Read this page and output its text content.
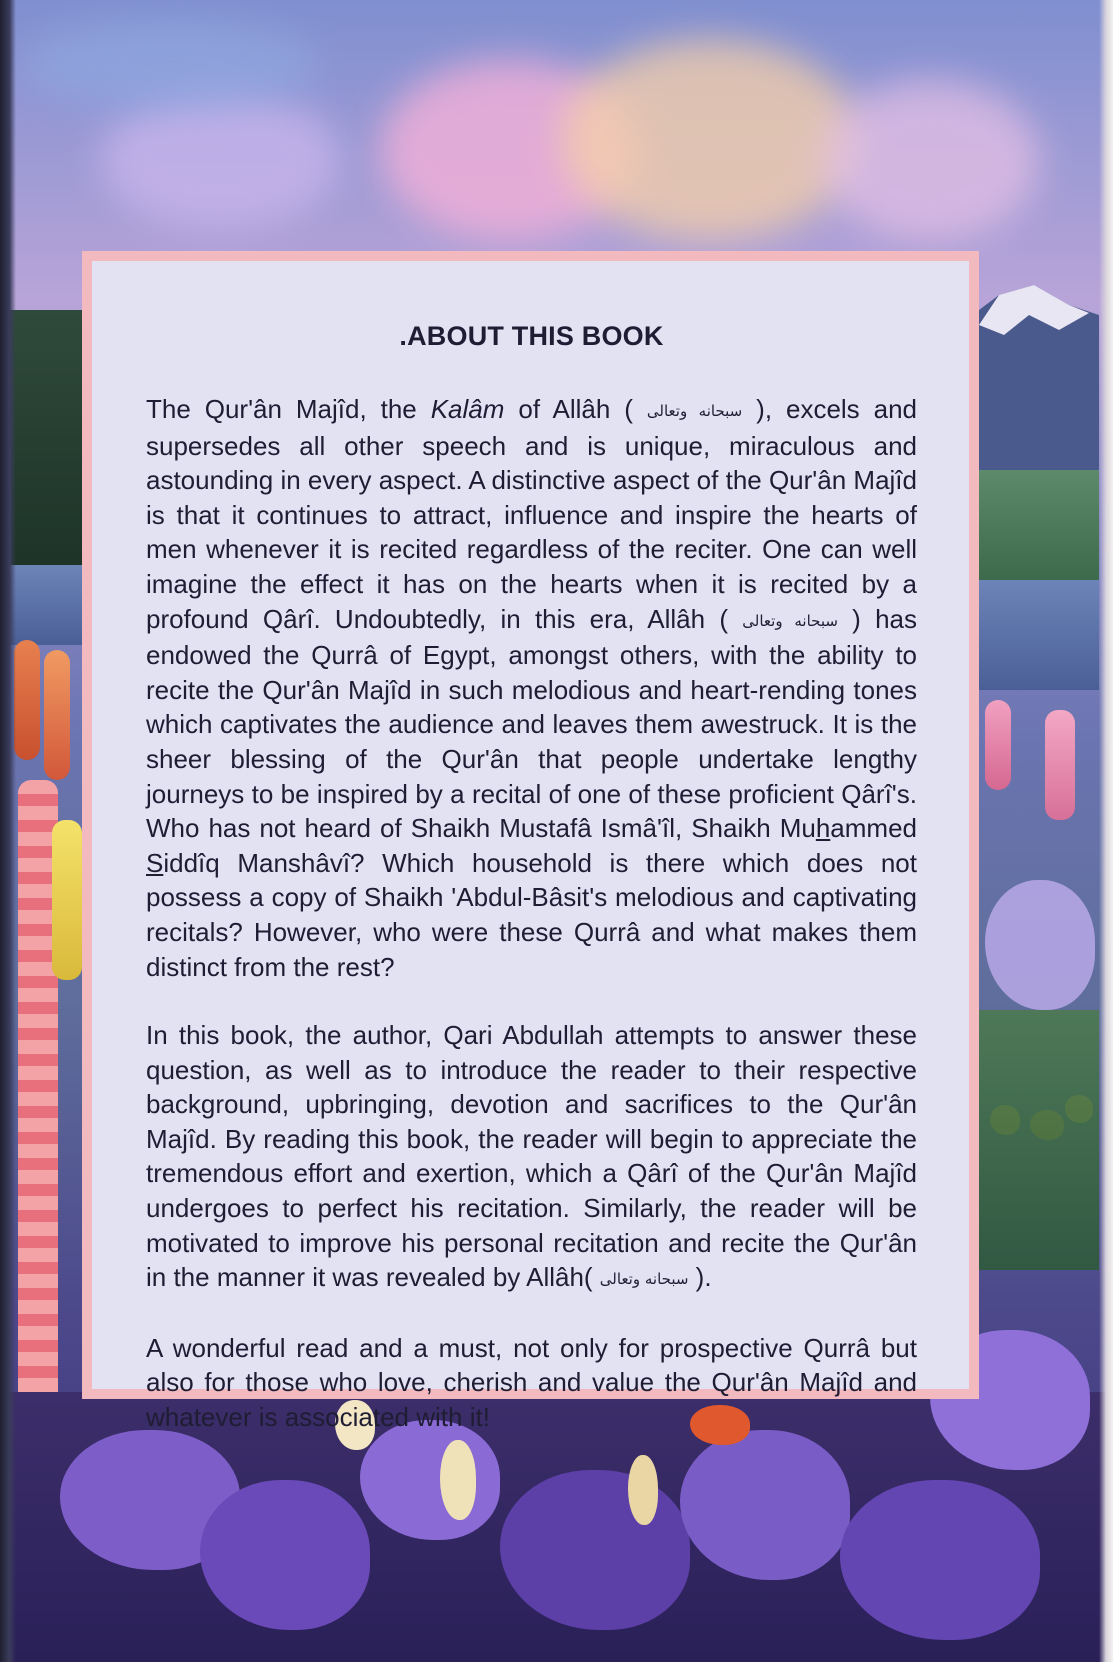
.ABOUT THIS BOOK

The Qur'ân Majîd, the Kalâm of Allâh ( سبحانه وتعالى ), excels and supersedes all other speech and is unique, miraculous and astounding in every aspect. A distinctive aspect of the Qur'ân Majîd is that it continues to attract, influence and inspire the hearts of men whenever it is recited regardless of the reciter. One can well imagine the effect it has on the hearts when it is recited by a profound Qârî. Undoubtedly, in this era, Allâh ( سبحانه وتعالى ) has endowed the Qurrâ of Egypt, amongst others, with the ability to recite the Qur'ân Majîd in such melodious and heart-rending tones which captivates the audience and leaves them awestruck. It is the sheer blessing of the Qur'ân that people undertake lengthy journeys to be inspired by a recital of one of these proficient Qârî's. Who has not heard of Shaikh Mustafâ Ismâ'îl, Shaikh Muhammed Siddîq Manshâvî? Which household is there which does not possess a copy of Shaikh 'Abdul-Bâsit's melodious and captivating recitals? However, who were these Qurrâ and what makes them distinct from the rest?

In this book, the author, Qari Abdullah attempts to answer these question, as well as to introduce the reader to their respective background, upbringing, devotion and sacrifices to the Qur'ân Majîd. By reading this book, the reader will begin to appreciate the tremendous effort and exertion, which a Qârî of the Qur'ân Majîd undergoes to perfect his recitation. Similarly, the reader will be motivated to improve his personal recitation and recite the Qur'ân in the manner it was revealed by Allâh( سبحانه وتعالى ).

A wonderful read and a must, not only for prospective Qurrâ but also for those who love, cherish and value the Qur'ân Majîd and whatever is associated with it!
